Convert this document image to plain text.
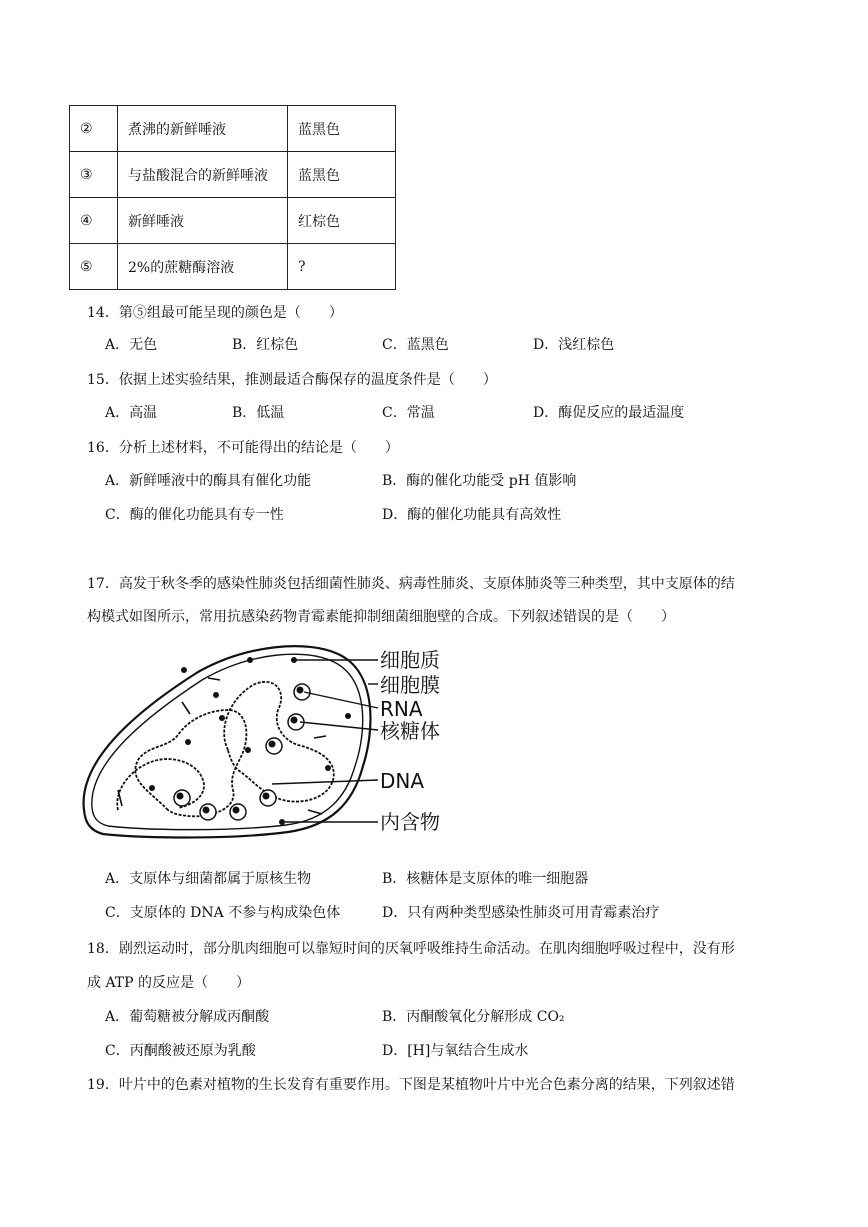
②	煮沸的新鲜唾液	蓝黑色
③	与盐酸混合的新鲜唾液	蓝黑色
④	新鲜唾液	红棕色
⑤	2%的蔗糖酶溶液	?
14．第⑤组最可能呈现的颜色是（　　）
A．无色	B．红棕色	C．蓝黑色	D．浅红棕色
15．依据上述实验结果，推测最适合酶保存的温度条件是（　　）
A．高温	B．低温	C．常温	D．酶促反应的最适温度
16．分析上述材料，不可能得出的结论是（　　）
A．新鲜唾液中的酶具有催化功能	B．酶的催化功能受 pH 值影响
C．酶的催化功能具有专一性	D．酶的催化功能具有高效性
17．高发于秋冬季的感染性肺炎包括细菌性肺炎、病毒性肺炎、支原体肺炎等三种类型，其中支原体的结
构模式如图所示，常用抗感染药物青霉素能抑制细菌细胞壁的合成。下列叙述错误的是（　　）
细胞质
细胞膜
RNA
核糖体
DNA
内含物
A．支原体与细菌都属于原核生物	B．核糖体是支原体的唯一细胞器
C．支原体的 DNA 不参与构成染色体	D．只有两种类型感染性肺炎可用青霉素治疗
18．剧烈运动时，部分肌肉细胞可以靠短时间的厌氧呼吸维持生命活动。在肌肉细胞呼吸过程中，没有形
成 ATP 的反应是（　　）
A．葡萄糖被分解成丙酮酸	B．丙酮酸氧化分解形成 CO₂
C．丙酮酸被还原为乳酸	D．[H]与氧结合生成水
19．叶片中的色素对植物的生长发育有重要作用。下图是某植物叶片中光合色素分离的结果，下列叙述错
